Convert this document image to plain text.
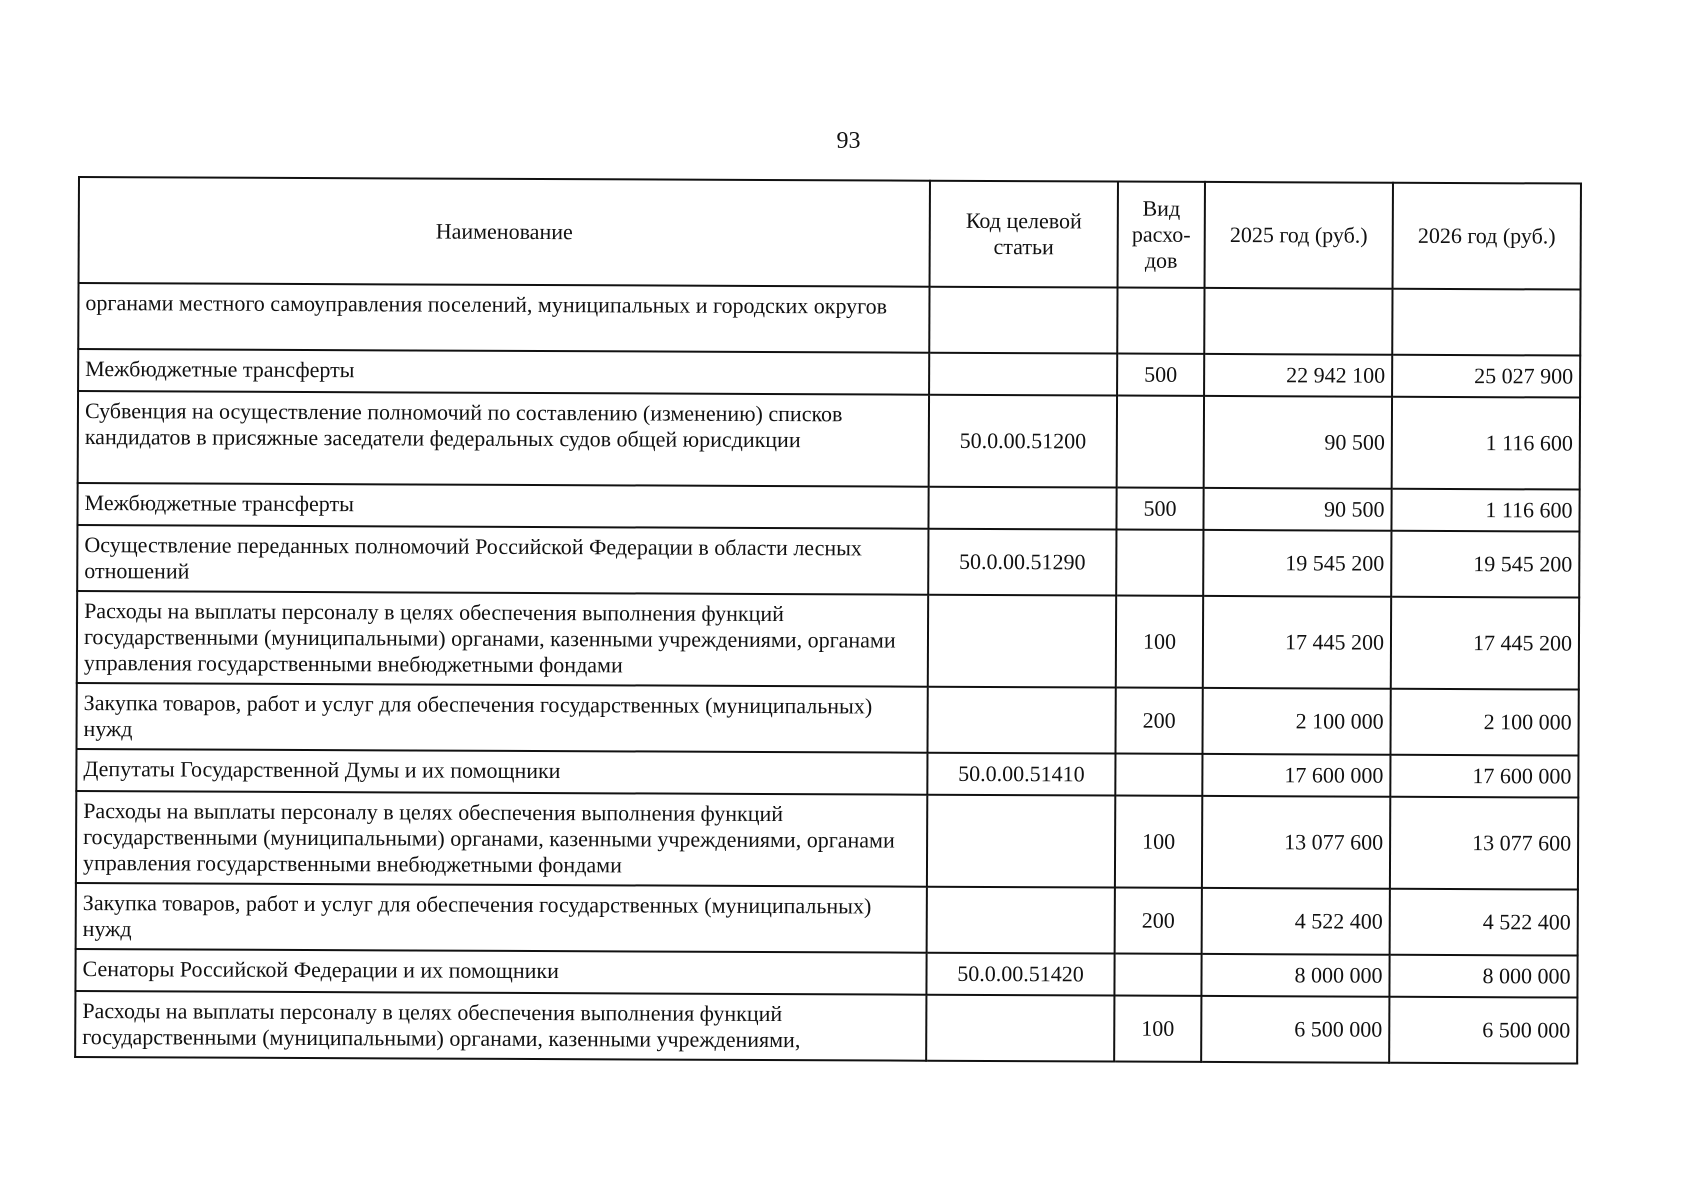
93
Наименование	Код целевой статьи	Вид расхо-дов	2025 год (руб.)	2026 год (руб.)
органами местного самоуправления поселений, муниципальных и городских округов				
Межбюджетные трансферты		500	22 942 100	25 027 900
Субвенция на осуществление полномочий по составлению (изменению) списков кандидатов в присяжные заседатели федеральных судов общей юрисдикции	50.0.00.51200		90 500	1 116 600
Межбюджетные трансферты		500	90 500	1 116 600
Осуществление переданных полномочий Российской Федерации в области лесных отношений	50.0.00.51290		19 545 200	19 545 200
Расходы на выплаты персоналу в целях обеспечения выполнения функций государственными (муниципальными) органами, казенными учреждениями, органами управления государственными внебюджетными фондами		100	17 445 200	17 445 200
Закупка товаров, работ и услуг для обеспечения государственных (муниципальных) нужд		200	2 100 000	2 100 000
Депутаты Государственной Думы и их помощники	50.0.00.51410		17 600 000	17 600 000
Расходы на выплаты персоналу в целях обеспечения выполнения функций государственными (муниципальными) органами, казенными учреждениями, органами управления государственными внебюджетными фондами		100	13 077 600	13 077 600
Закупка товаров, работ и услуг для обеспечения государственных (муниципальных) нужд		200	4 522 400	4 522 400
Сенаторы Российской Федерации и их помощники	50.0.00.51420		8 000 000	8 000 000
Расходы на выплаты персоналу в целях обеспечения выполнения функций государственными (муниципальными) органами, казенными учреждениями,		100	6 500 000	6 500 000
